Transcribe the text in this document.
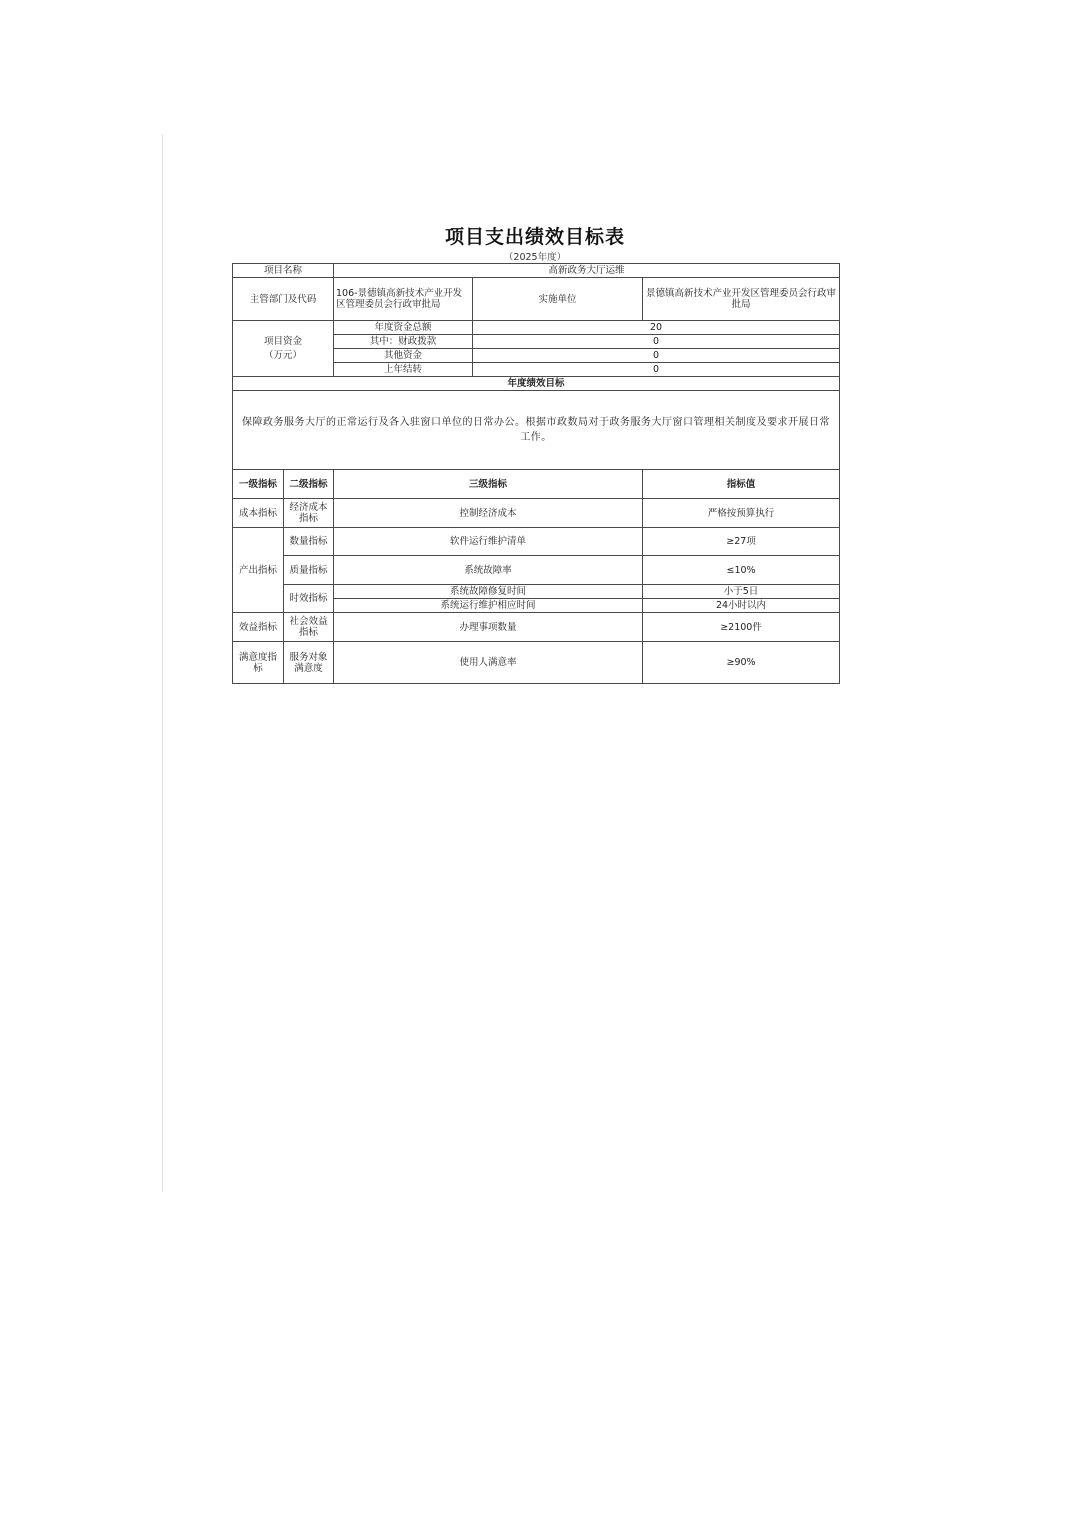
项目支出绩效目标表
（2025年度）
项目名称		高新政务大厅运维		
主管部门及代码		106-景德镇高新技术产业开发区管理委员会行政审批局	实施单位	景德镇高新技术产业开发区管理委员会行政审批局
项目资金
（万元）		年度资金总额	20	
		其中：财政拨款	0	
		其他资金	0	
		上年结转	0	
年度绩效目标				
保障政务服务大厅的正常运行及各入驻窗口单位的日常办公。根据市政数局对于政务服务大厅窗口管理相关制度及要求开展日常工作。				
一级指标	二级指标	三级指标		指标值
成本指标	经济成本指标	控制经济成本		严格按预算执行
产出指标	数量指标	软件运行维护清单		≥27项
	质量指标	系统故障率		≤10%
	时效指标	系统故障修复时间		小于5日
		系统运行维护相应时间		24小时以内
效益指标	社会效益指标	办理事项数量		≥2100件
满意度指标	服务对象满意度	使用人满意率		≥90%
